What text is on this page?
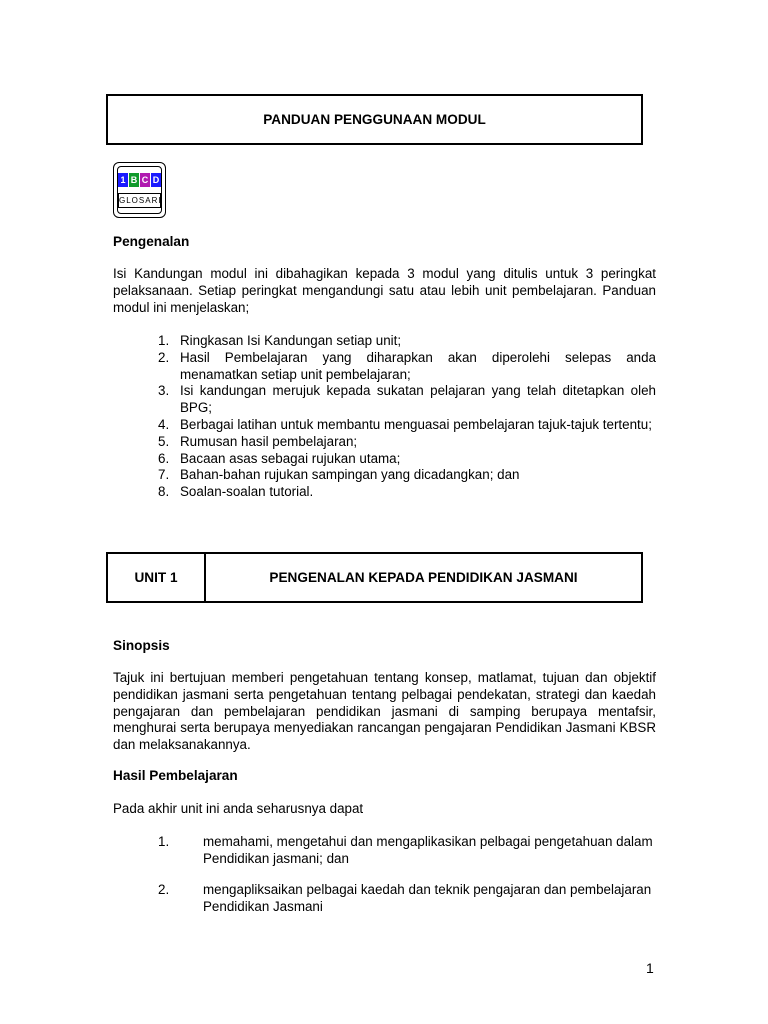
PANDUAN PENGGUNAAN MODUL
1 B C D
GLOSARI
Pengenalan
Isi Kandungan modul ini dibahagikan kepada 3 modul yang ditulis untuk 3 peringkat pelaksanaan. Setiap peringkat mengandungi satu atau lebih unit pembelajaran. Panduan modul ini menjelaskan;
1. Ringkasan Isi Kandungan setiap unit;
2. Hasil Pembelajaran yang diharapkan akan diperolehi selepas anda menamatkan setiap unit pembelajaran;
3. Isi kandungan merujuk kepada sukatan pelajaran yang telah ditetapkan oleh BPG;
4. Berbagai latihan untuk membantu menguasai pembelajaran tajuk-tajuk tertentu;
5. Rumusan hasil pembelajaran;
6. Bacaan asas sebagai rujukan utama;
7. Bahan-bahan rujukan sampingan yang dicadangkan; dan
8. Soalan-soalan tutorial.
UNIT 1	PENGENALAN KEPADA PENDIDIKAN JASMANI
Sinopsis
Tajuk ini bertujuan memberi pengetahuan tentang konsep, matlamat, tujuan dan objektif pendidikan jasmani serta pengetahuan tentang pelbagai pendekatan, strategi dan kaedah pengajaran dan pembelajaran pendidikan jasmani di samping berupaya mentafsir, menghurai serta berupaya menyediakan rancangan pengajaran Pendidikan Jasmani KBSR dan melaksanakannya.
Hasil Pembelajaran
Pada akhir unit ini anda seharusnya dapat
1.	memahami, mengetahui dan mengaplikasikan pelbagai pengetahuan dalam Pendidikan jasmani; dan
2.	mengapliksaikan pelbagai kaedah dan teknik pengajaran dan pembelajaran Pendidikan Jasmani
1
